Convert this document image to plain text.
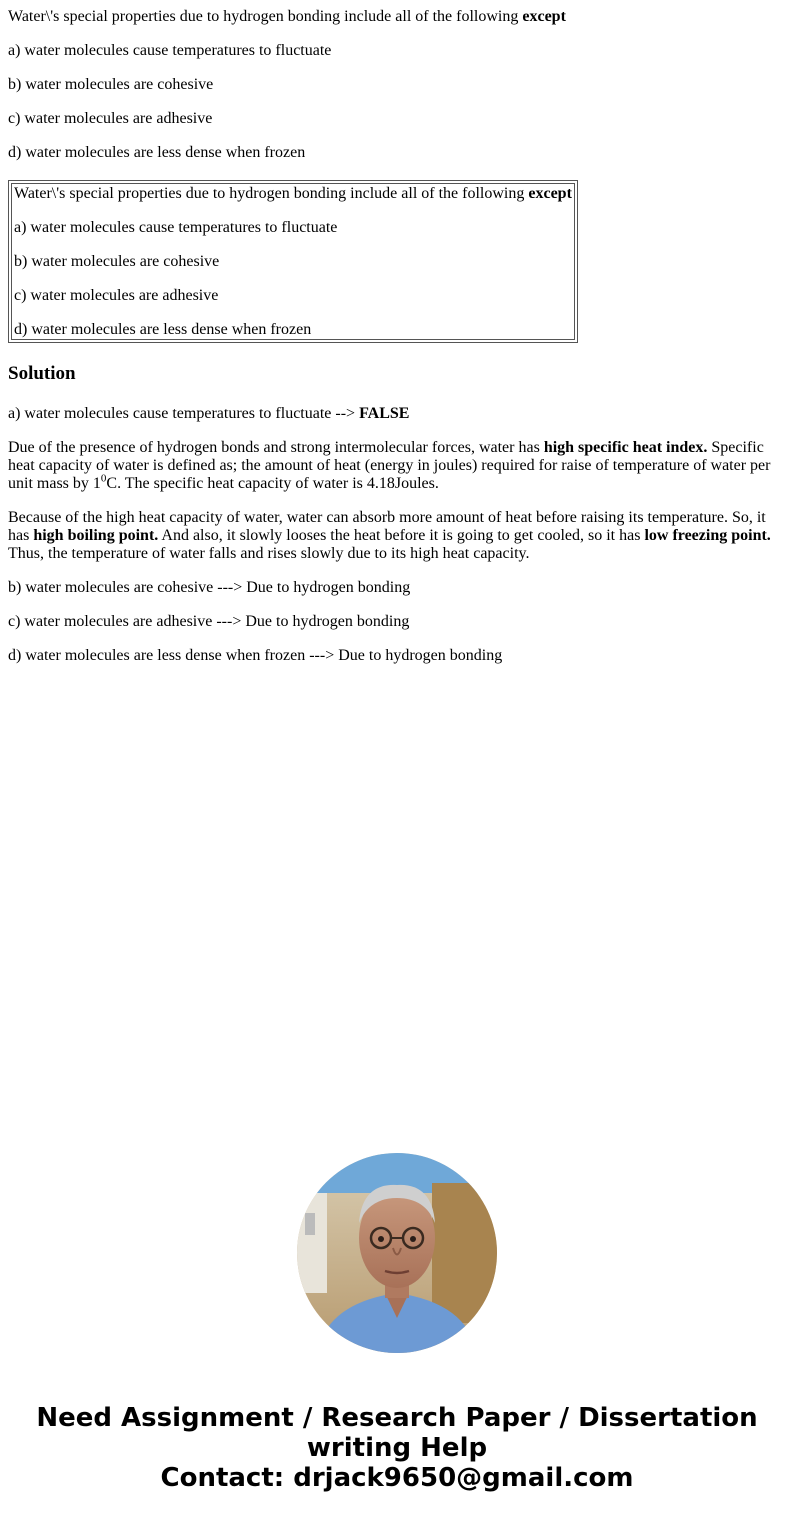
Water\'s special properties due to hydrogen bonding include all of the following except

a) water molecules cause temperatures to fluctuate

b) water molecules are cohesive

c) water molecules are adhesive

d) water molecules are less dense when frozen

Water\'s special properties due to hydrogen bonding include all of the following except

a) water molecules cause temperatures to fluctuate

b) water molecules are cohesive

c) water molecules are adhesive

d) water molecules are less dense when frozen

Solution

a) water molecules cause temperatures to fluctuate --> FALSE

Due of the presence of hydrogen bonds and strong intermolecular forces, water has high specific heat index. Specific heat capacity of water is defined as; the amount of heat (energy in joules) required for raise of temperature of water per unit mass by $1^0C$. The specific heat capacity of water is 4.18Joules.

Because of the high heat capacity of water, water can absorb more amount of heat before raising its temperature. So, it has high boiling point. And also, it slowly looses the heat before it is going to get cooled, so it has low freezing point. Thus, the temperature of water falls and rises slowly due to its high heat capacity.

b) water molecules are cohesive ---> Due to hydrogen bonding

c) water molecules are adhesive ---> Due to hydrogen bonding

d) water molecules are less dense when frozen ---> Due to hydrogen bonding

Need Assignment / Research Paper / Dissertation
writing Help
Contact: drjack9650@gmail.com
